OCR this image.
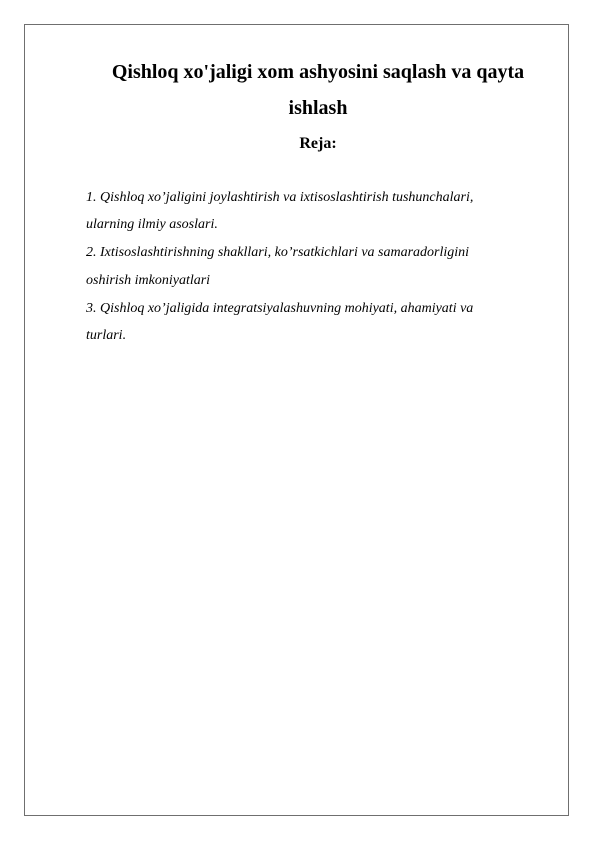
Qishloq xo'jaligi xom ashyosini saqlash va qayta
ishlash
Reja:
1. Qishloq xo’jaligini joylashtirish va ixtisoslashtirish tushunchalari,
ularning ilmiy asoslari.
2. Ixtisoslashtirishning shakllari, ko’rsatkichlari va samaradorligini
oshirish imkoniyatlari
3. Qishloq xo’jaligida integratsiyalashuvning mohiyati, ahamiyati va
turlari.
